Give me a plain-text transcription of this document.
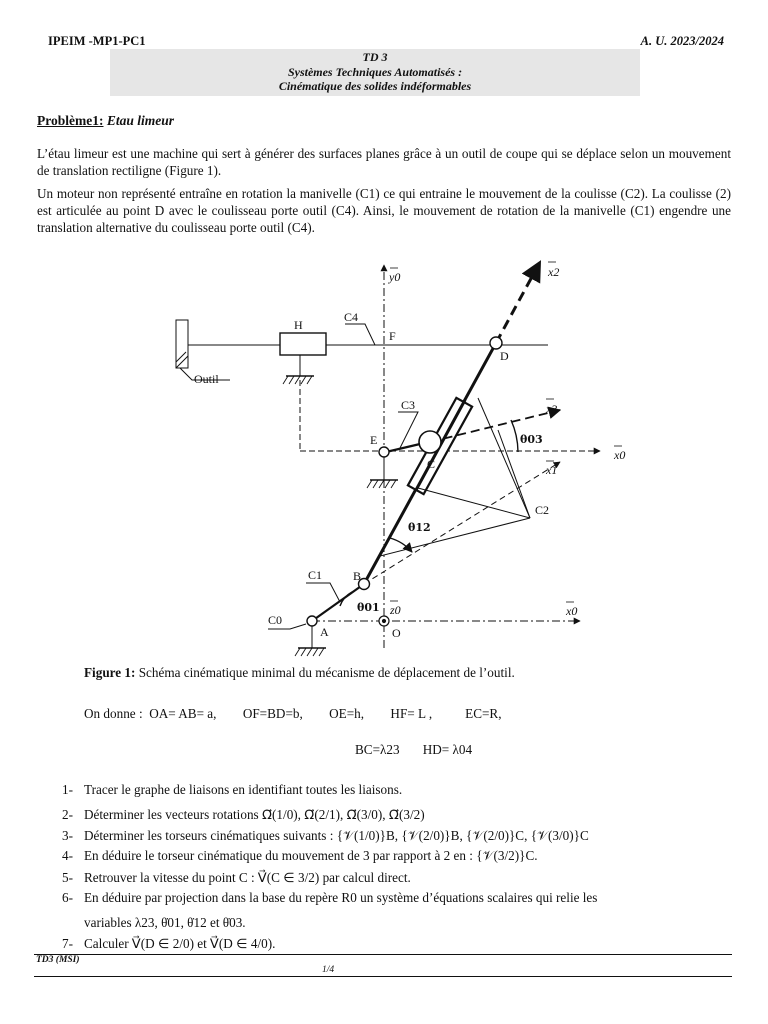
IPEIM -MP1-PC1	A. U. 2023/2024
TD 3
Systèmes Techniques Automatisés :
Cinématique des solides indéformables
Problème1: Etau limeur
L’étau limeur est une machine qui sert à générer des surfaces planes grâce à un outil de coupe qui se déplace selon un mouvement de translation rectiligne (Figure 1).
Un moteur non représenté entraîne en rotation la manivelle (C1) ce qui entraine le mouvement de la coulisse (C2). La coulisse (2) est articulée au point D avec le coulisseau porte outil (C4). Ainsi, le mouvement de rotation de la manivelle (C1) engendre une translation alternative du coulisseau porte outil (C4).
H
C4
F
D
Outil
C3
E
C
C2
C1	B
C0
A	O
θ12
θ03
θ01
y0	x2
x3
x1
x0
x0
z0
Figure 1: Schéma cinématique minimal du mécanisme de déplacement de l’outil.
On donne :  OA= AB= a,        OF=BD=b,        OE=h,        HF= L ,          EC=R,
BC=λ23       HD= λ04
1- Tracer le graphe de liaisons en identifiant toutes les liaisons.
2- Déterminer les vecteurs rotations Ω⃗(1/0), Ω⃗(2/1), Ω⃗(3/0), Ω⃗(3/2)
3- Déterminer les torseurs cinématiques suivants : {𝒱(1/0)}B, {𝒱(2/0)}B, {𝒱(2/0)}C, {𝒱(3/0)}C
4- En déduire le torseur cinématique du mouvement de 3 par rapport à 2 en : {𝒱(3/2)}C.
5- Retrouver la vitesse du point C : V⃗(C ∈ 3/2) par calcul direct.
6- En déduire par projection dans la base du repère R0 un système d’équations scalaires qui relie les
variables λ23, θ̇01, θ̇12 et θ̇03.
7- Calculer V⃗(D ∈ 2/0) et V⃗(D ∈ 4/0).
TD3 (MSI)
1/4
